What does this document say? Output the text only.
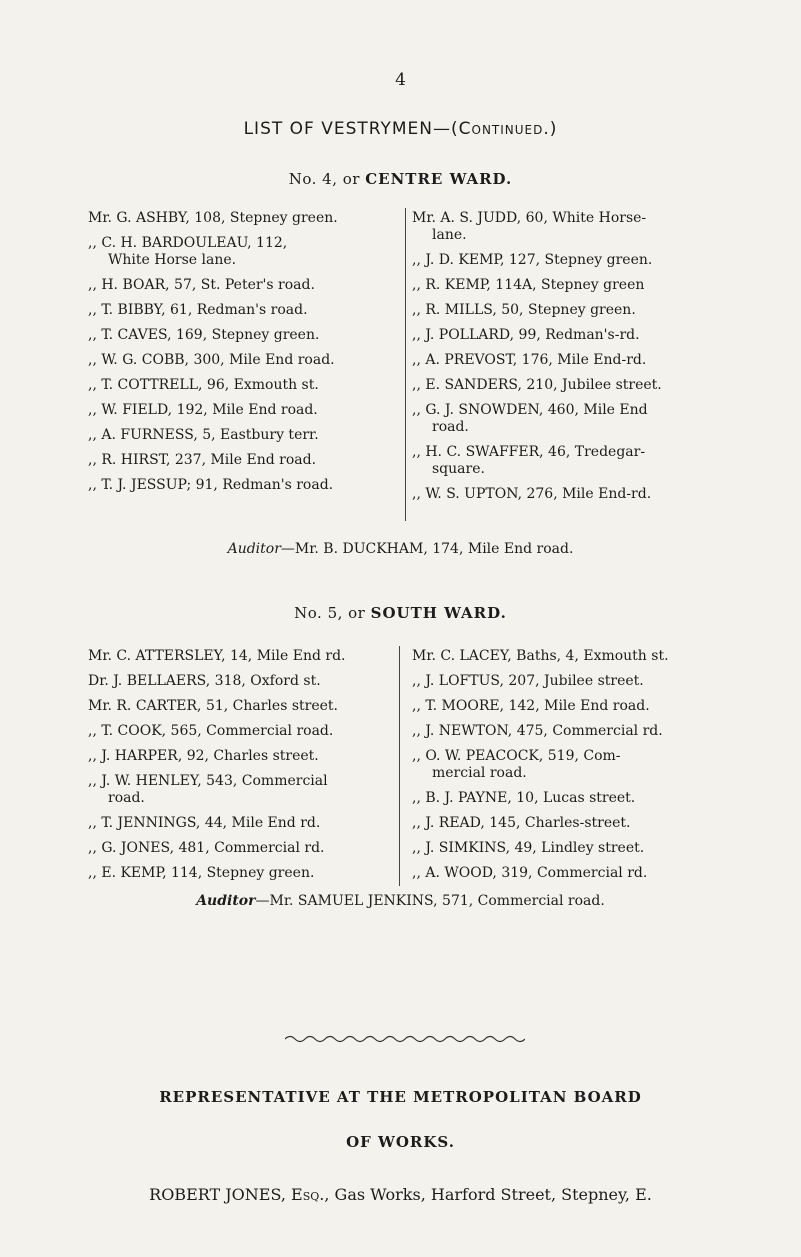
4
LIST OF VESTRYMEN—(Continued.)
No. 4, or CENTRE WARD.
Mr. G. ASHBY, 108, Stepney green.
,, C. H. BARDOULEAU, 112,
White Horse lane.
,, H. BOAR, 57, St. Peter's road.
,, T. BIBBY, 61, Redman's road.
,, T. CAVES, 169, Stepney green.
,, W. G. COBB, 300, Mile End road.
,, T. COTTRELL, 96, Exmouth st.
,, W. FIELD, 192, Mile End road.
,, A. FURNESS, 5, Eastbury terr.
,, R. HIRST, 237, Mile End road.
,, T. J. JESSUP; 91, Redman's road.
Mr. A. S. JUDD, 60, White Horse-
lane.
,, J. D. KEMP, 127, Stepney green.
,, R. KEMP, 114A, Stepney green
,, R. MILLS, 50, Stepney green.
,, J. POLLARD, 99, Redman's-rd.
,, A. PREVOST, 176, Mile End-rd.
,, E. SANDERS, 210, Jubilee street.
,, G. J. SNOWDEN, 460, Mile End
road.
,, H. C. SWAFFER, 46, Tredegar-
square.
,, W. S. UPTON, 276, Mile End-rd.
Auditor—Mr. B. DUCKHAM, 174, Mile End road.
No. 5, or SOUTH WARD.
Mr. C. ATTERSLEY, 14, Mile End rd.
Dr. J. BELLAERS, 318, Oxford st.
Mr. R. CARTER, 51, Charles street.
,, T. COOK, 565, Commercial road.
,, J. HARPER, 92, Charles street.
,, J. W. HENLEY, 543, Commercial
road.
,, T. JENNINGS, 44, Mile End rd.
,, G. JONES, 481, Commercial rd.
,, E. KEMP, 114, Stepney green.
Mr. C. LACEY, Baths, 4, Exmouth st.
,, J. LOFTUS, 207, Jubilee street.
,, T. MOORE, 142, Mile End road.
,, J. NEWTON, 475, Commercial rd.
,, O. W. PEACOCK, 519, Com-
mercial road.
,, B. J. PAYNE, 10, Lucas street.
,, J. READ, 145, Charles-street.
,, J. SIMKINS, 49, Lindley street.
,, A. WOOD, 319, Commercial rd.
Auditor—Mr. SAMUEL JENKINS, 571, Commercial road.
REPRESENTATIVE AT THE METROPOLITAN BOARD
OF WORKS.
ROBERT JONES, Esq., Gas Works, Harford Street, Stepney, E.
